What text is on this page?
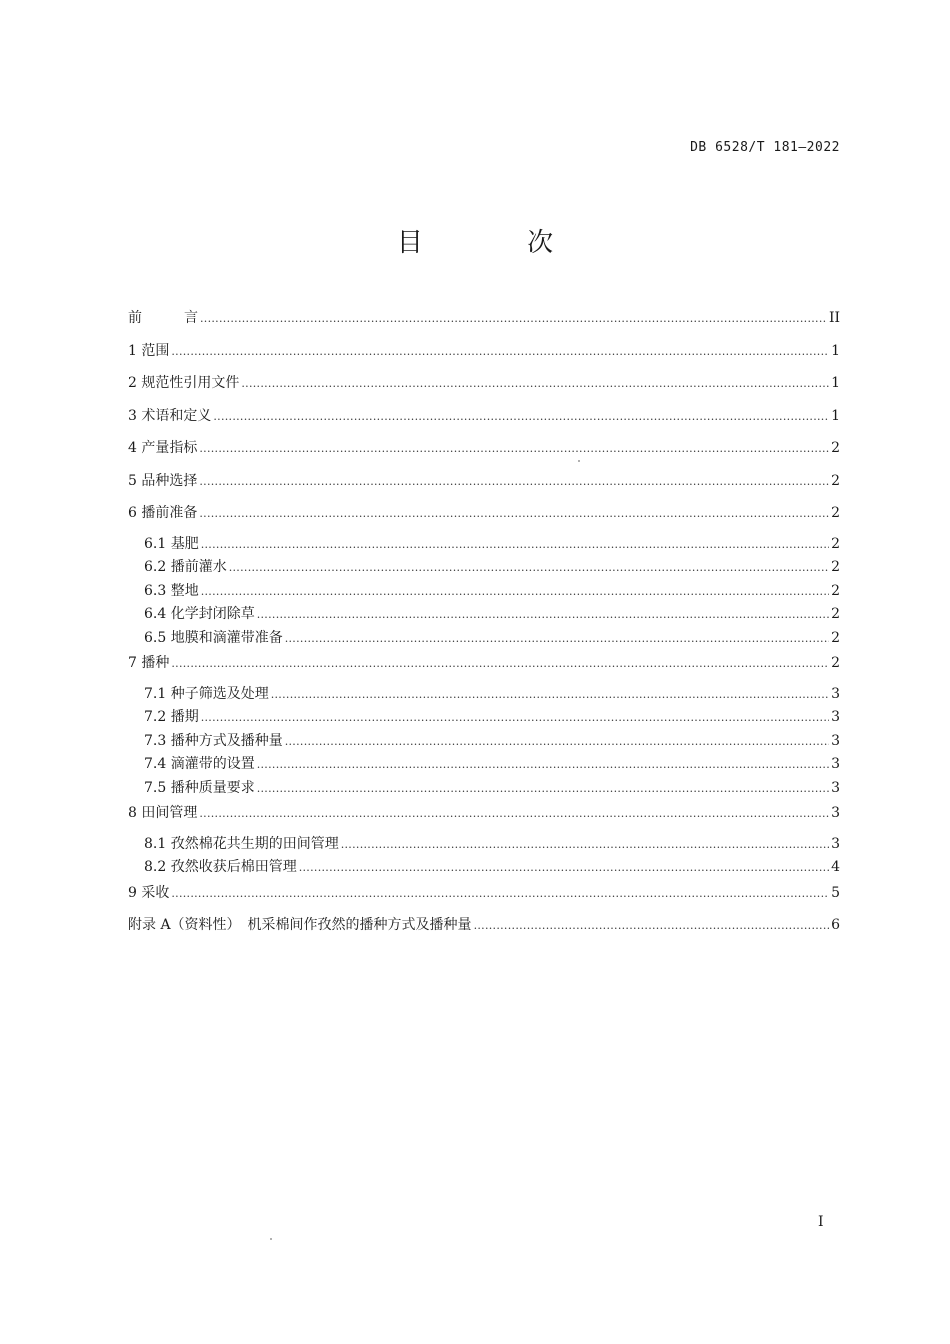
DB 6528/T 181—2022
目 次
前　　　言 .....	II
1 范围 .....	1
2 规范性引用文件 .....	1
3 术语和定义 .....	1
4 产量指标 .....	2
5 品种选择 .....	2
6 播前准备 .....	2
6.1 基肥 .....	2
6.2 播前灌水 .....	2
6.3 整地 .....	2
6.4 化学封闭除草 .....	2
6.5 地膜和滴灌带准备 .....	2
7 播种 .....	2
7.1 种子筛选及处理 .....	3
7.2 播期 .....	3
7.3 播种方式及播种量 .....	3
7.4 滴灌带的设置 .....	3
7.5 播种质量要求 .....	3
8 田间管理 .....	3
8.1 孜然棉花共生期的田间管理 .....	3
8.2 孜然收获后棉田管理 .....	4
9 采收 .....	5
附录 A（资料性）　机采棉间作孜然的播种方式及播种量 .....	6
I
